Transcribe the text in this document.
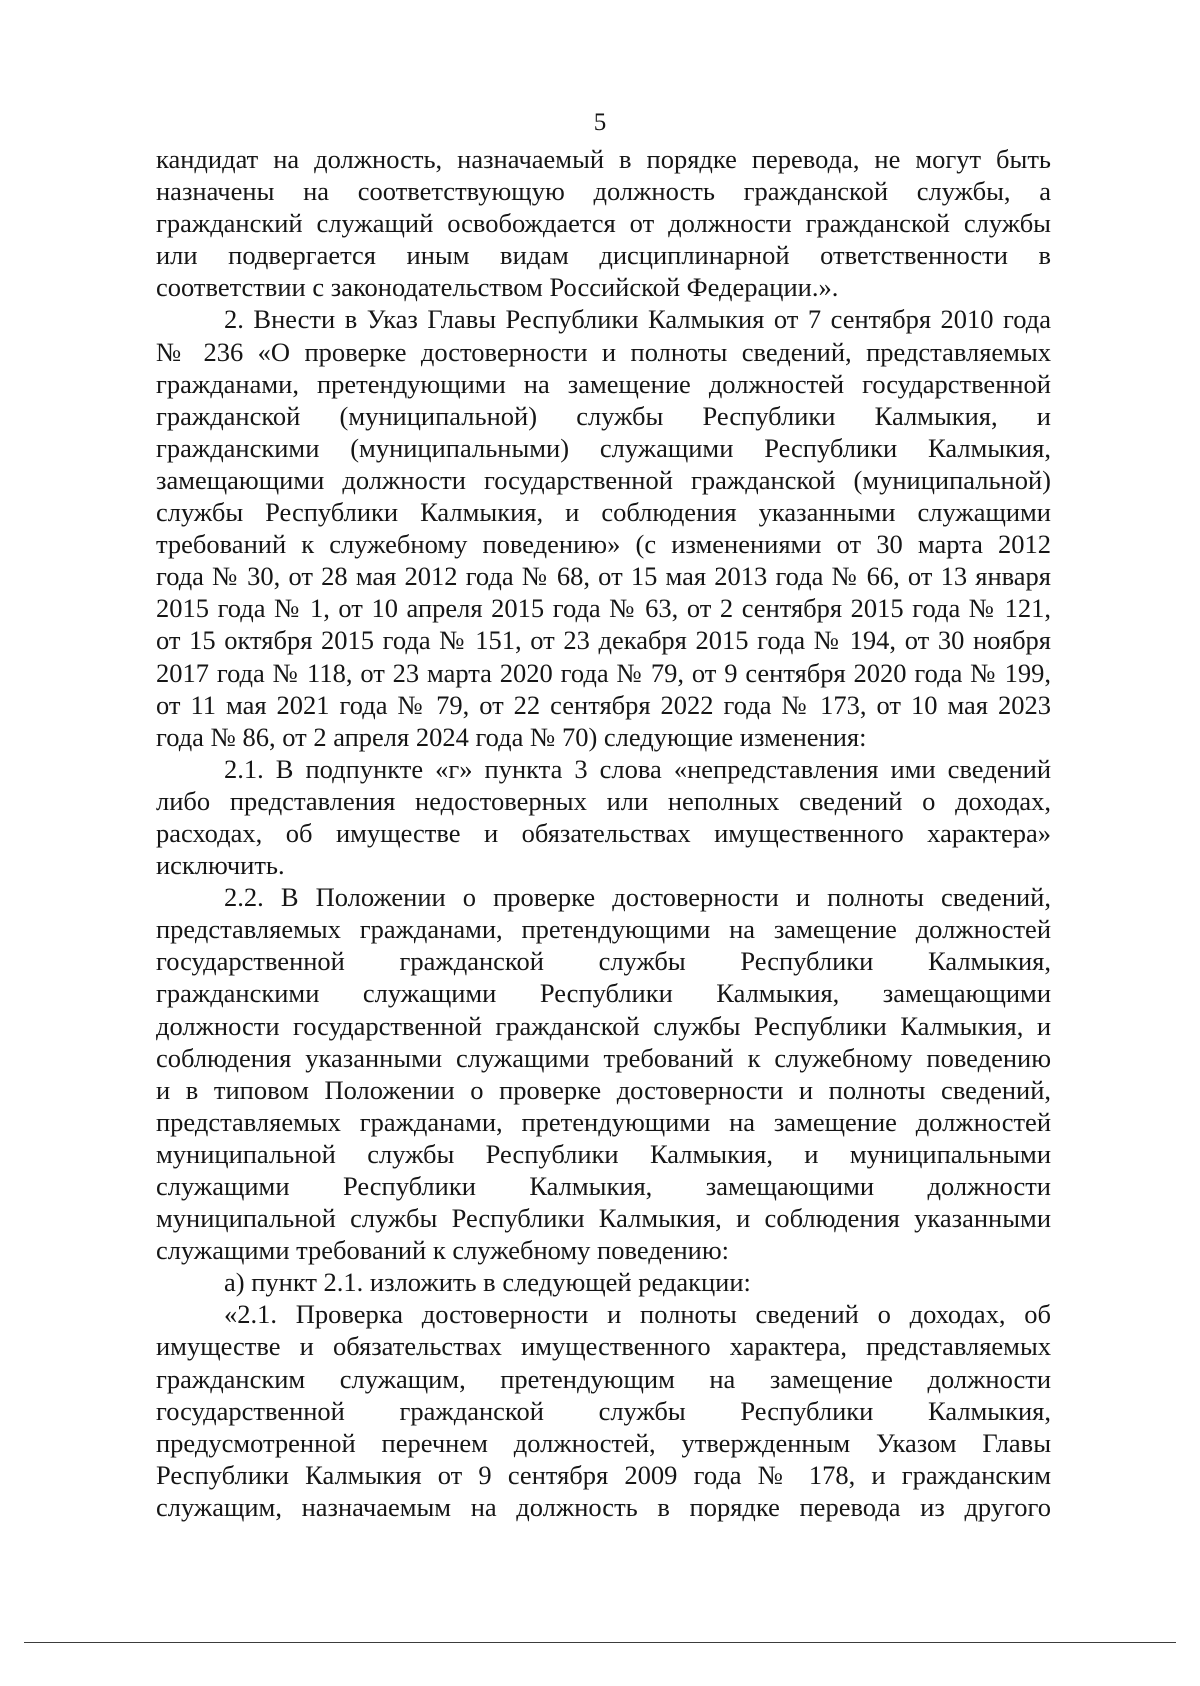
5
кандидат на должность, назначаемый в порядке перевода, не могут быть
назначены на соответствующую должность гражданской службы, а
гражданский служащий освобождается от должности гражданской службы
или подвергается иным видам дисциплинарной ответственности в
соответствии с законодательством Российской Федерации.».
2. Внести в Указ Главы Республики Калмыкия от 7 сентября 2010 года
№ 236 «О проверке достоверности и полноты сведений, представляемых
гражданами, претендующими на замещение должностей государственной
гражданской (муниципальной) службы Республики Калмыкия, и
гражданскими (муниципальными) служащими Республики Калмыкия,
замещающими должности государственной гражданской (муниципальной)
службы Республики Калмыкия, и соблюдения указанными служащими
требований к служебному поведению» (с изменениями от 30 марта 2012
года № 30, от 28 мая 2012 года № 68, от 15 мая 2013 года № 66, от 13 января
2015 года № 1, от 10 апреля 2015 года № 63, от 2 сентября 2015 года № 121,
от 15 октября 2015 года № 151, от 23 декабря 2015 года № 194, от 30 ноября
2017 года № 118, от 23 марта 2020 года № 79, от 9 сентября 2020 года № 199,
от 11 мая 2021 года № 79, от 22 сентября 2022 года № 173, от 10 мая 2023
года № 86, от 2 апреля 2024 года № 70) следующие изменения:
2.1. В подпункте «г» пункта 3 слова «непредставления ими сведений
либо представления недостоверных или неполных сведений о доходах,
расходах, об имуществе и обязательствах имущественного характера»
исключить.
2.2. В Положении о проверке достоверности и полноты сведений,
представляемых гражданами, претендующими на замещение должностей
государственной гражданской службы Республики Калмыкия,
гражданскими служащими Республики Калмыкия, замещающими
должности государственной гражданской службы Республики Калмыкия, и
соблюдения указанными служащими требований к служебному поведению
и в типовом Положении о проверке достоверности и полноты сведений,
представляемых гражданами, претендующими на замещение должностей
муниципальной службы Республики Калмыкия, и муниципальными
служащими Республики Калмыкия, замещающими должности
муниципальной службы Республики Калмыкия, и соблюдения указанными
служащими требований к служебному поведению:
а) пункт 2.1. изложить в следующей редакции:
«2.1. Проверка достоверности и полноты сведений о доходах, об
имуществе и обязательствах имущественного характера, представляемых
гражданским служащим, претендующим на замещение должности
государственной гражданской службы Республики Калмыкия,
предусмотренной перечнем должностей, утвержденным Указом Главы
Республики Калмыкия от 9 сентября 2009 года № 178, и гражданским
служащим, назначаемым на должность в порядке перевода из другого
